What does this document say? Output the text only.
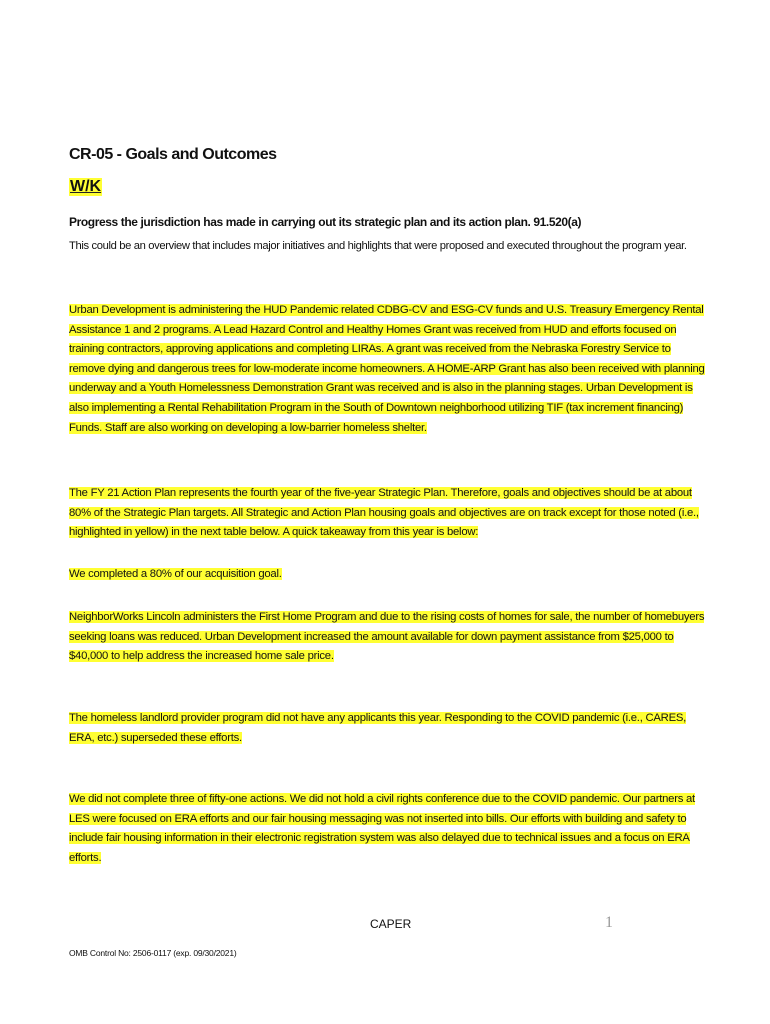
CR-05 - Goals and Outcomes
W/K
Progress the jurisdiction has made in carrying out its strategic plan and its action plan. 91.520(a)
This could be an overview that includes major initiatives and highlights that were proposed and executed throughout the program year.
Urban Development is administering the HUD Pandemic related CDBG-CV and ESG-CV funds and U.S. Treasury Emergency Rental Assistance 1 and 2 programs. A Lead Hazard Control and Healthy Homes Grant was received from HUD and efforts focused on training contractors, approving applications and completing LIRAs. A grant was received from the Nebraska Forestry Service to remove dying and dangerous trees for low-moderate income homeowners. A HOME-ARP Grant has also been received with planning underway and a Youth Homelessness Demonstration Grant was received and is also in the planning stages. Urban Development is also implementing a Rental Rehabilitation Program in the South of Downtown neighborhood utilizing TIF (tax increment financing) Funds. Staff are also working on developing a low-barrier homeless shelter.
The FY 21 Action Plan represents the fourth year of the five-year Strategic Plan. Therefore, goals and objectives should be at about 80% of the Strategic Plan targets. All Strategic and Action Plan housing goals and objectives are on track except for those noted (i.e., highlighted in yellow) in the next table below. A quick takeaway from this year is below:
We completed a 80% of our acquisition goal.
NeighborWorks Lincoln administers the First Home Program and due to the rising costs of homes for sale, the number of homebuyers seeking loans was reduced. Urban Development increased the amount available for down payment assistance from $25,000 to $40,000 to help address the increased home sale price.
The homeless landlord provider program did not have any applicants this year. Responding to the COVID pandemic (i.e., CARES, ERA, etc.) superseded these efforts.
We did not complete three of fifty-one actions. We did not hold a civil rights conference due to the COVID pandemic. Our partners at LES were focused on ERA efforts and our fair housing messaging was not inserted into bills. Our efforts with building and safety to include fair housing information in their electronic registration system was also delayed due to technical issues and a focus on ERA efforts.
CAPER	1
OMB Control No: 2506-0117 (exp. 09/30/2021)
